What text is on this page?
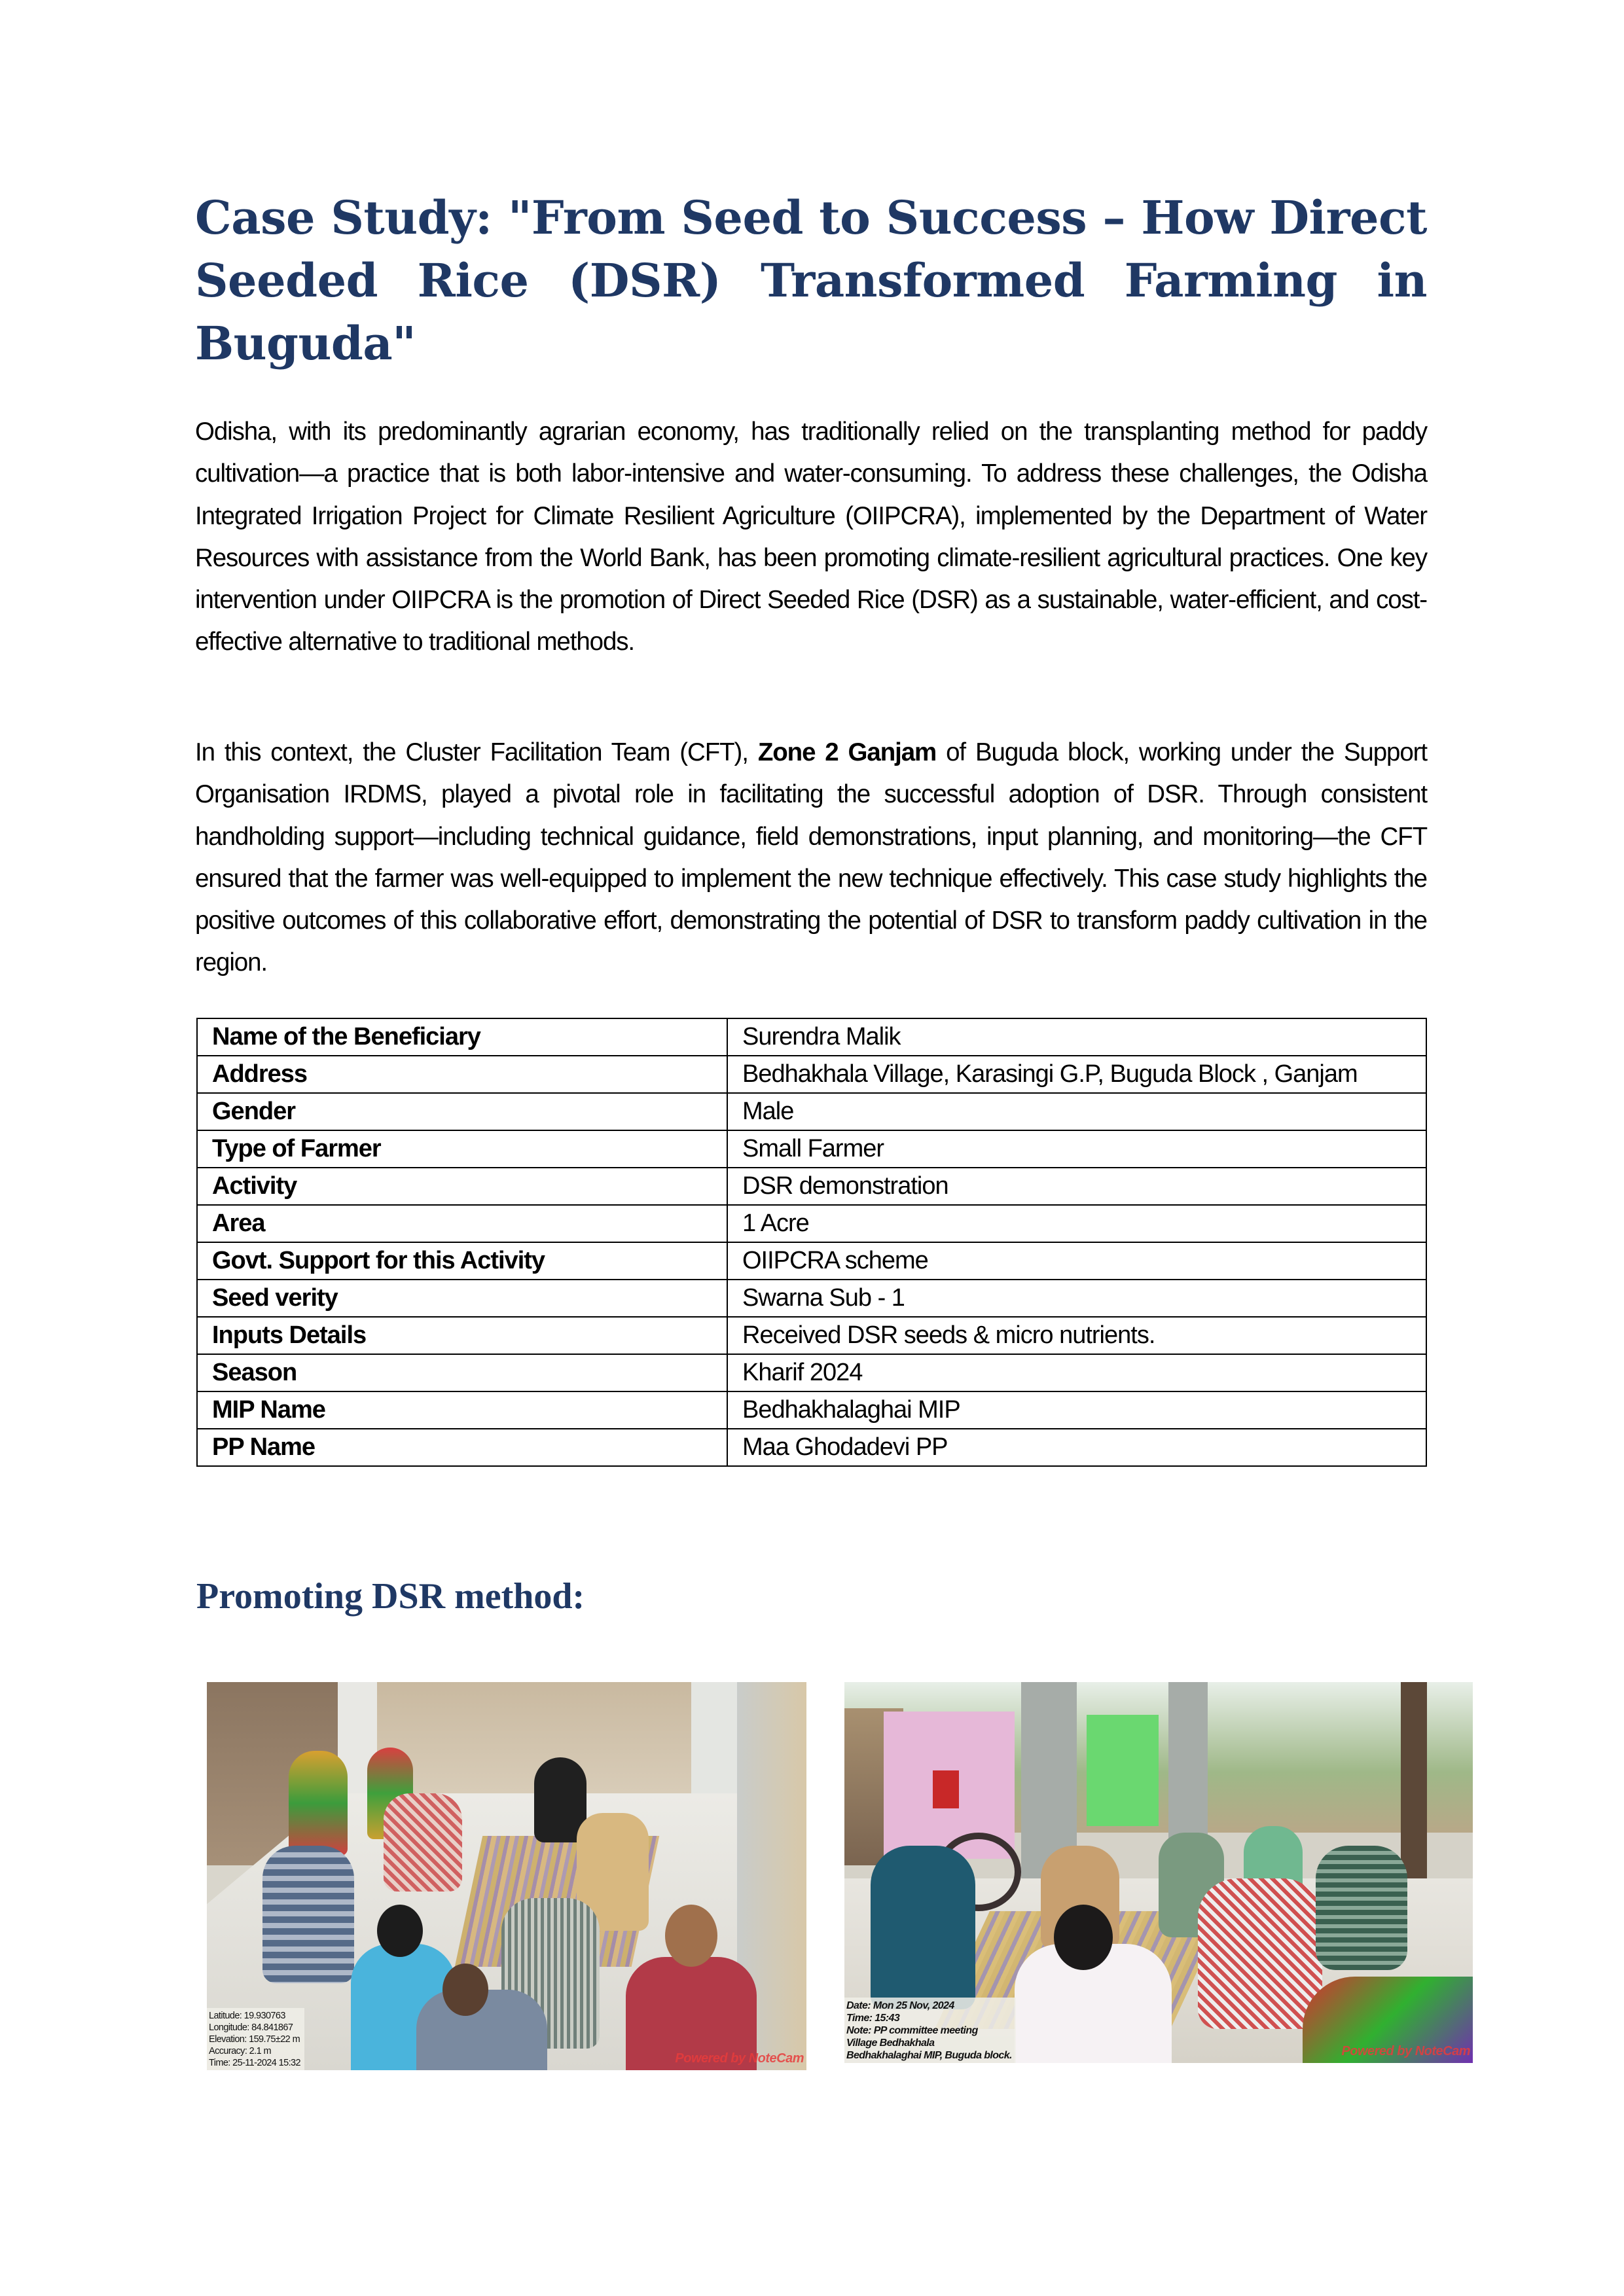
Case Study: "From Seed to Success – How Direct Seeded Rice (DSR) Transformed Farming in Buguda"

Odisha, with its predominantly agrarian economy, has traditionally relied on the transplanting method for paddy cultivation—a practice that is both labor-intensive and water-consuming. To address these challenges, the Odisha Integrated Irrigation Project for Climate Resilient Agriculture (OIIPCRA), implemented by the Department of Water Resources with assistance from the World Bank, has been promoting climate-resilient agricultural practices. One key intervention under OIIPCRA is the promotion of Direct Seeded Rice (DSR) as a sustainable, water-efficient, and cost-effective alternative to traditional methods.

In this context, the Cluster Facilitation Team (CFT), Zone 2 Ganjam of Buguda block, working under the Support Organisation IRDMS, played a pivotal role in facilitating the successful adoption of DSR. Through consistent handholding support—including technical guidance, field demonstrations, input planning, and monitoring—the CFT ensured that the farmer was well-equipped to implement the new technique effectively. This case study highlights the positive outcomes of this collaborative effort, demonstrating the potential of DSR to transform paddy cultivation in the region.

Name of the Beneficiary	Surendra Malik
Address	Bedhakhala Village, Karasingi G.P, Buguda Block , Ganjam
Gender	Male
Type of Farmer	Small Farmer
Activity	DSR demonstration
Area	1 Acre
Govt. Support for this Activity	OIIPCRA scheme
Seed verity	Swarna Sub - 1
Inputs Details	Received DSR seeds & micro nutrients.
Season	Kharif 2024
MIP Name	Bedhakhalaghai MIP
PP Name	Maa Ghodadevi PP
Promoting DSR method:
Latitude: 19.930763
Longitude: 84.841867
Elevation: 159.75±22 m
Accuracy: 2.1 m
Time: 25-11-2024 15:32	Powered by NoteCam
Date: Mon 25 Nov, 2024
Time: 15:43
Note: PP committee meeting
Village Bedhakhala
Bedhakhalaghai MIP, Buguda block.	Powered by NoteCam
